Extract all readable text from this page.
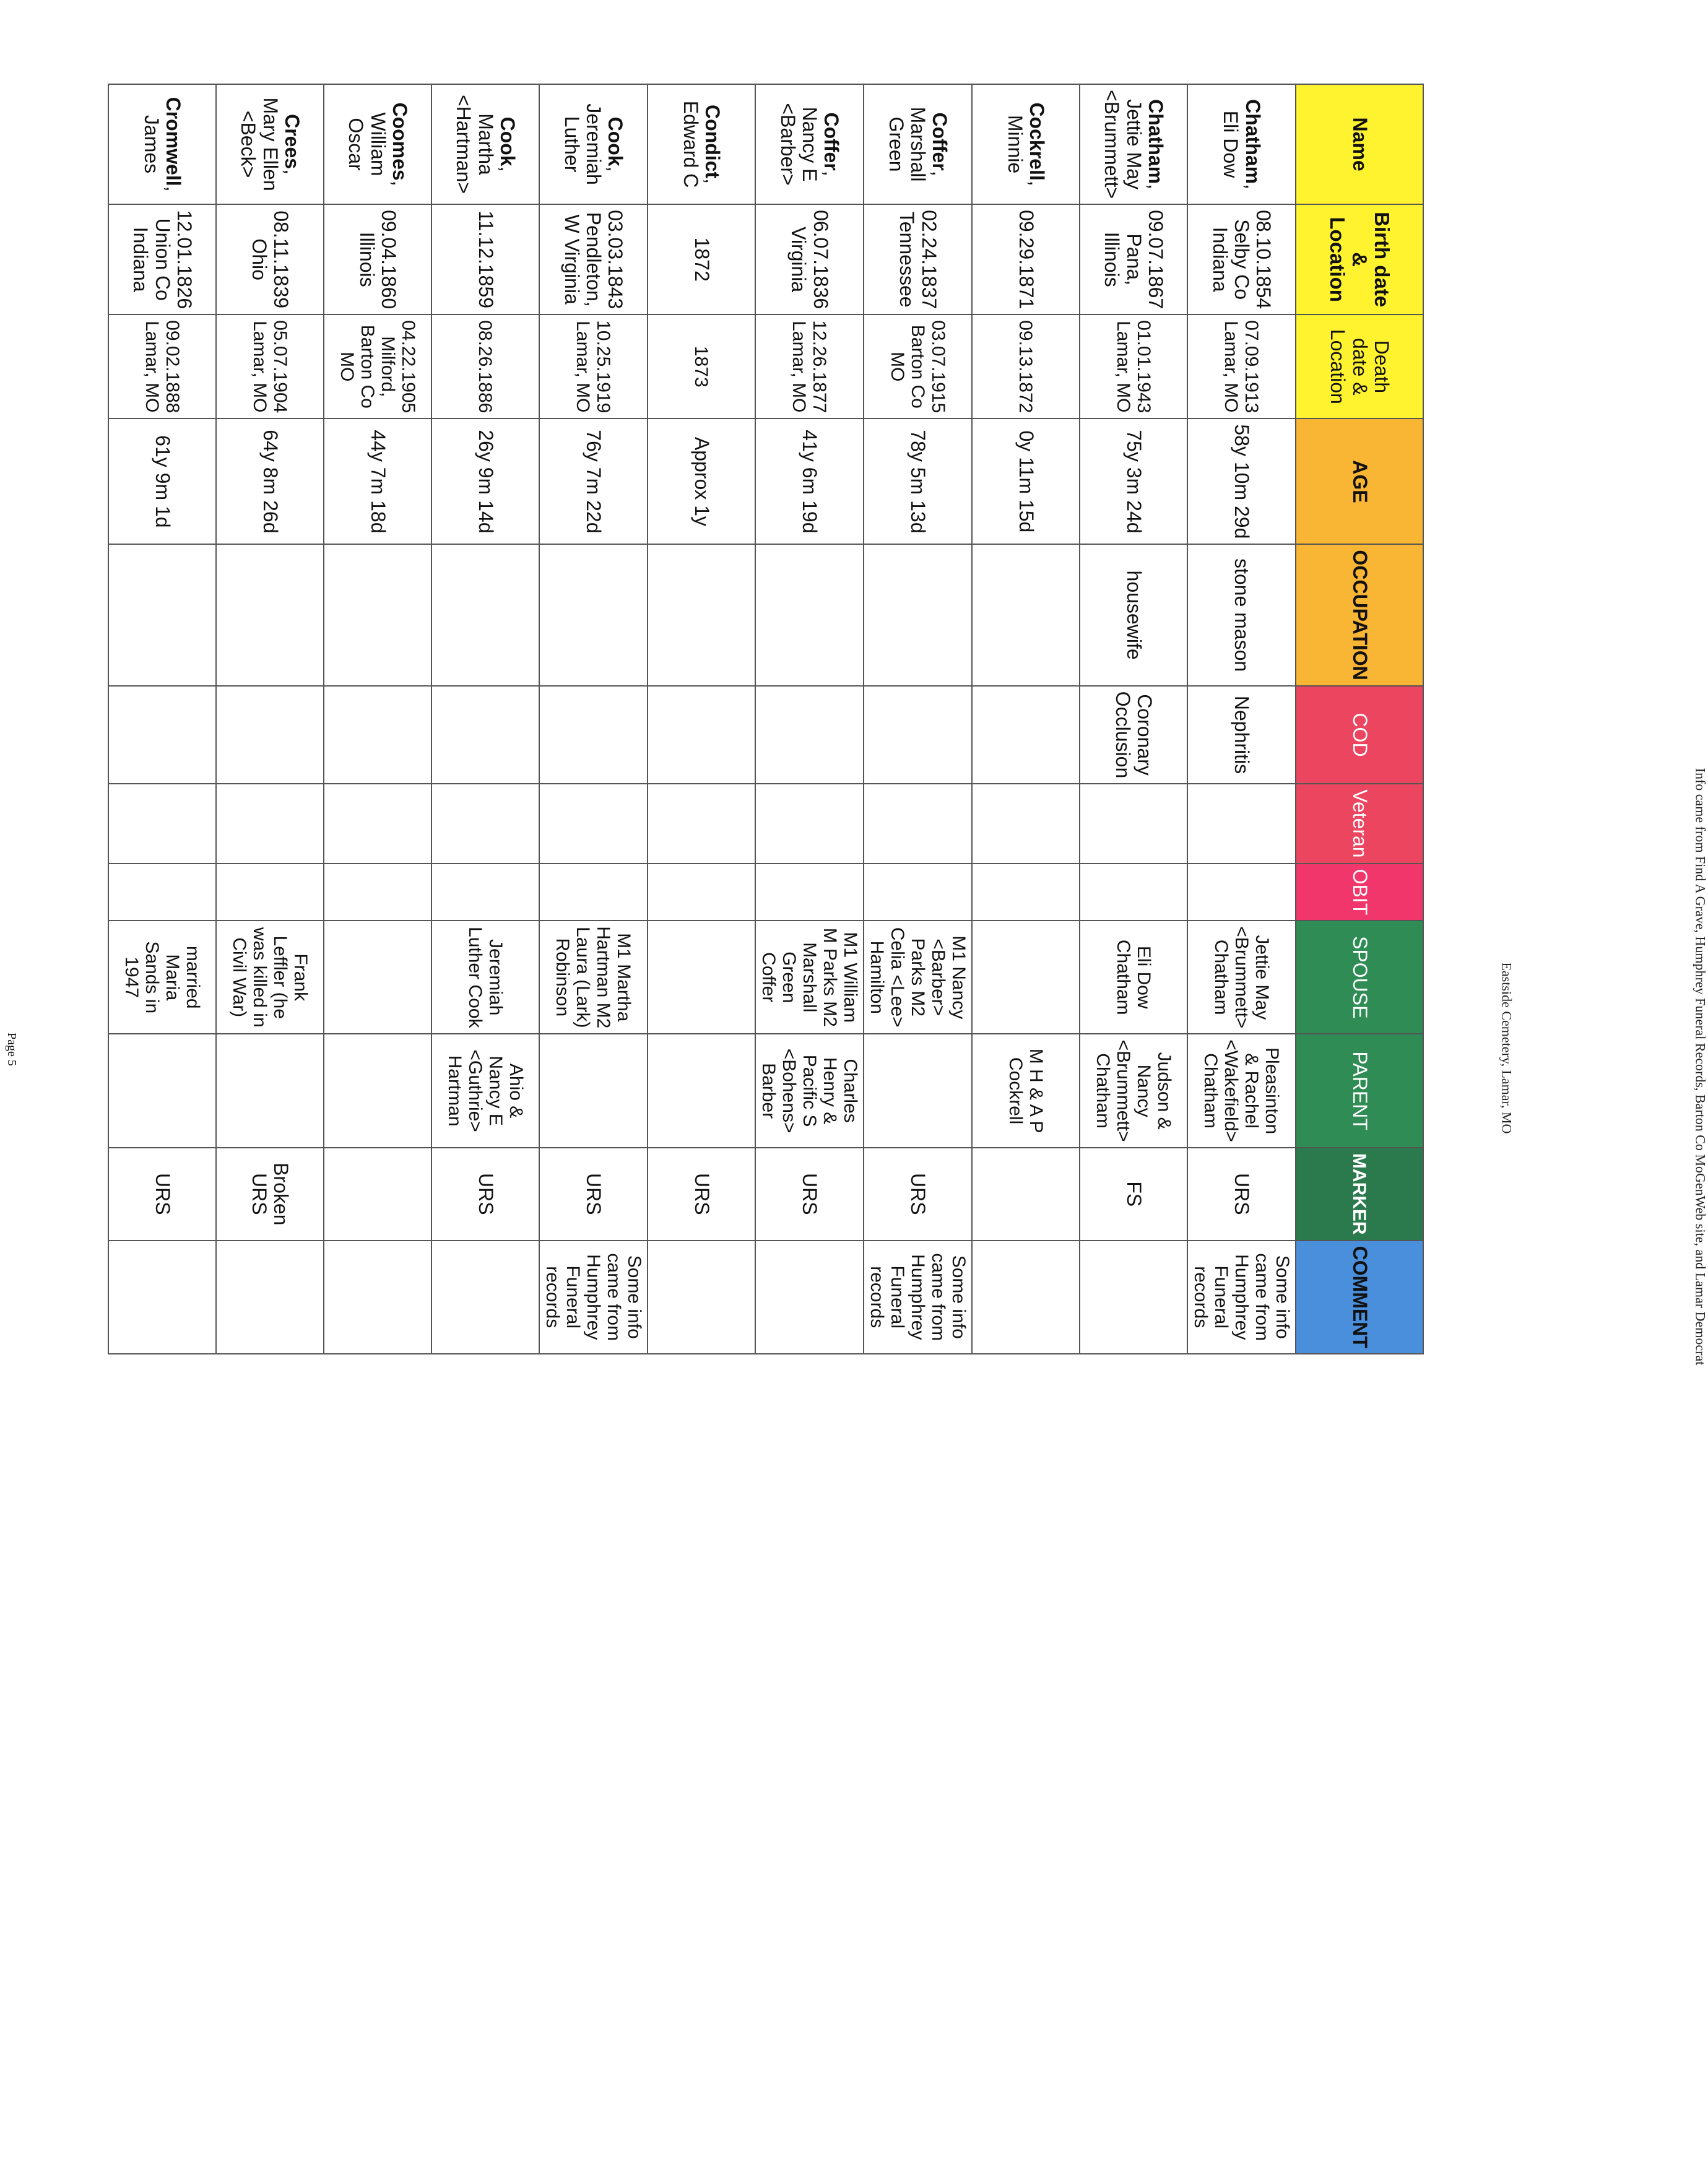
Eastside Cemetery, Lamar, MO	Info came from Find A Grave, Humphrey Funeral Records, Barton Co MoGenWeb site, and Lamar Democrat
Page 5
Name	Birth date & Location	Death date & Location	AGE	OCCUPATION	COD	Veteran	OBIT	SPOUSE	PARENT	MARKER	COMMENT
Chatham, Eli Dow	08.10.1854 Selby Co Indiana	07.09.1913 Lamar, MO	58y 10m 29d	stone mason	Nephritis			Jettie May <Brummett> Chatham	Pleasinton & Rachel <Wakefield> Chatham	URS	Some info came from Humphrey Funeral records
Chatham, Jettie May <Brummett>	09.07.1867 Pana, Illinois	01.01.1943 Lamar, MO	75y 3m 24d	housewife	Coronary Occlusion			Eli Dow Chatham	Judson & Nancy <Brummett> Chatham	FS	
Cockrell, Minnie	09.29.1871	09.13.1872	0y 11m 15d						M H & A P Cockrell		
Coffer, Marshall Green	02.24.1837 Tennessee	03.07.1915 Barton Co MO	78y 5m 13d					M1 Nancy <Barber> Parks M2 Celia <Lee> Hamilton		URS	Some info came from Humphrey Funeral records
Coffer, Nancy E <Barber>	06.07.1836 Virginia	12.26.1877 Lamar, MO	41y 6m 19d					M1 William M Parks M2 Marshall Green Coffer	Charles Henry & Pacific S <Bohens> Barber	URS	
Condict, Edward C	1872	1873	Approx 1y							URS	
Cook, Jeremiah Luther	03.03.1843 Pendleton, W Virginia	10.25.1919 Lamar, MO	76y 7m 22d					M1 Martha Hartman M2 Laura (Lark) Robinson		URS	Some info came from Humphrey Funeral records
Cook, Martha <Hartman>	11.12.1859	08.26.1886	26y 9m 14d					Jeremiah Luther Cook	Ahio & Nancy E <Guthrie> Hartman	URS	
Coomes, William Oscar	09.04.1860 Illinois	04.22.1905 Milford, Barton Co MO	44y 7m 18d								
Crees, Mary Ellen <Beck>	08.11.1839 Ohio	05.07.1904 Lamar, MO	64y 8m 26d					Frank Leffler (he was killed in Civil War)		Broken URS	
Cromwell, James	12.01.1826 Union Co Indiana	09.02.1888 Lamar, MO	61y 9m 1d					married Maria Sands in 1947		URS	
